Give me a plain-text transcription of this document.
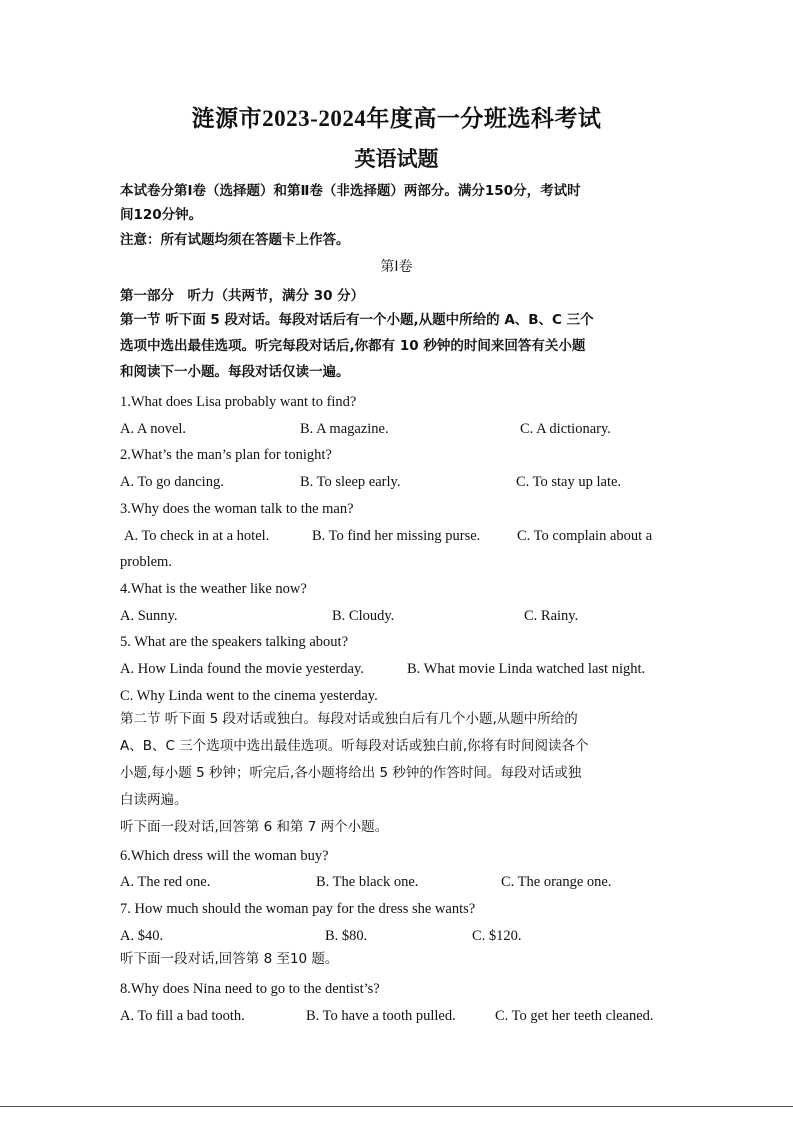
涟源市2023-2024年度高一分班选科考试
英语试题
本试卷分第Ⅰ卷（选择题）和第Ⅱ卷（非选择题）两部分。满分150分，考试时
间120分钟。
注意：所有试题均须在答题卡上作答。
第Ⅰ卷
第一部分　听力（共两节，满分 30 分）
第一节 听下面 5 段对话。每段对话后有一个小题,从题中所给的 A、B、C 三个
选项中选出最佳选项。听完每段对话后,你都有 10 秒钟的时间来回答有关小题
和阅读下一小题。每段对话仅读一遍。
1.What does Lisa probably want to find?
A. A novel.	B. A magazine.	C. A dictionary.
2.What’s the man’s plan for tonight?
A. To go dancing.	B. To sleep early.	C. To stay up late.
3.Why does the woman talk to the man?
A. To check in at a hotel.	B. To find her missing purse.	C. To complain about a
problem.
4.What is the weather like now?
A. Sunny.	B. Cloudy.	C. Rainy.
5. What are the speakers talking about?
A. How Linda found the movie yesterday.	B. What movie Linda watched last night.
C. Why Linda went to the cinema yesterday.
第二节 听下面 5 段对话或独白。每段对话或独白后有几个小题,从题中所给的
A、B、C 三个选项中选出最佳选项。听每段对话或独白前,你将有时间阅读各个
小题,每小题 5 秒钟；听完后,各小题将给出 5 秒钟的作答时间。每段对话或独
白读两遍。
听下面一段对话,回答第 6 和第 7 两个小题。
6.Which dress will the woman buy?
A. The red one.	B. The black one.	C. The orange one.
7. How much should the woman pay for the dress she wants?
A. $40.	B. $80.	C. $120.
听下面一段对话,回答第 8 至10 题。
8.Why does Nina need to go to the dentist’s?
A. To fill a bad tooth.	B. To have a tooth pulled.	C. To get her teeth cleaned.
